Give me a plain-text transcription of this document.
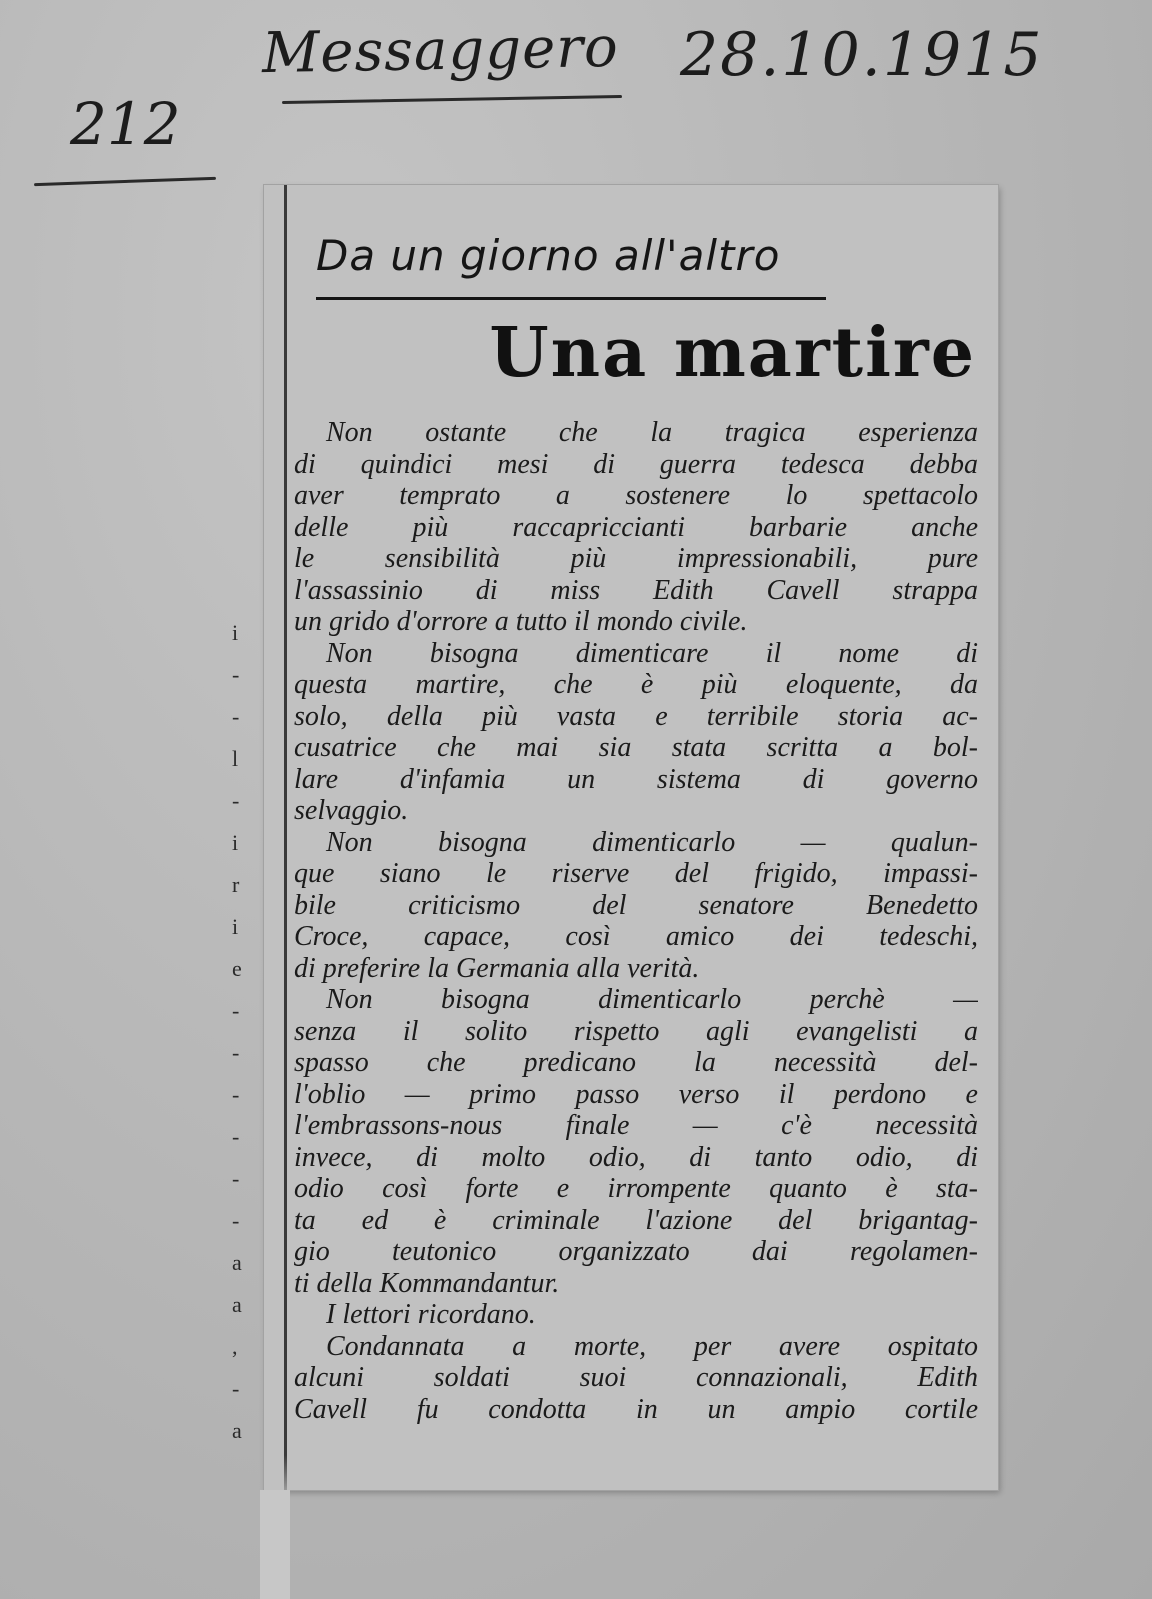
Messaggero 28.10.1915
212
i
-
-
l
-
i
r
i
e
-
-
-
-
-
-
a
a
,
-
a
Da un giorno all'altro
Una martire
Non ostante che la tragica esperienza
di quindici mesi di guerra tedesca debba
aver temprato a sostenere lo spettacolo
delle più raccapriccianti barbarie anche
le sensibilità più impressionabili, pure
l'assassinio di miss Edith Cavell strappa
un grido d'orrore a tutto il mondo civile.
Non bisogna dimenticare il nome di
questa martire, che è più eloquente, da
solo, della più vasta e terribile storia ac-
cusatrice che mai sia stata scritta a bol-
lare d'infamia un sistema di governo
selvaggio.
Non bisogna dimenticarlo — qualun-
que siano le riserve del frigido, impassi-
bile criticismo del senatore Benedetto
Croce, capace, così amico dei tedeschi,
di preferire la Germania alla verità.
Non bisogna dimenticarlo perchè —
senza il solito rispetto agli evangelisti a
spasso che predicano la necessità del-
l'oblio — primo passo verso il perdono e
l'embrassons-nous finale — c'è necessità
invece, di molto odio, di tanto odio, di
odio così forte e irrompente quanto è sta-
ta ed è criminale l'azione del brigantag-
gio teutonico organizzato dai regolamen-
ti della Kommandantur.
I lettori ricordano.
Condannata a morte, per avere ospitato
alcuni soldati suoi connazionali, Edith
Cavell fu condotta in un ampio cortile
